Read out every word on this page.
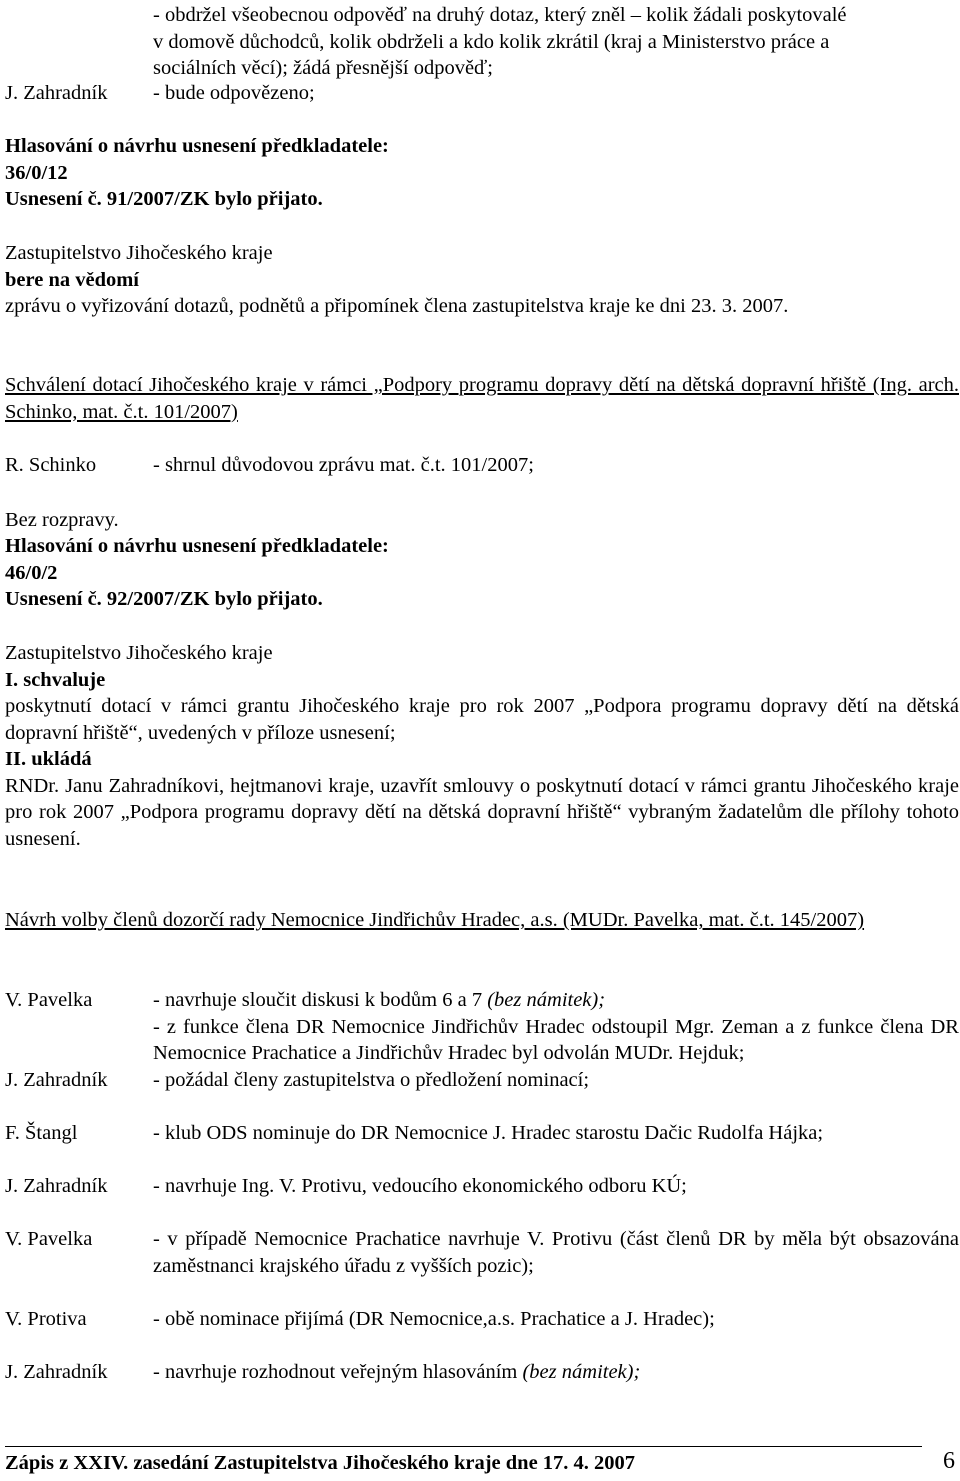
- obdržel všeobecnou odpověď na druhý dotaz, který zněl – kolik žádali poskytovalé

v domově důchodců, kolik obdrželi a kdo kolik zkrátil (kraj a Ministerstvo práce a

sociálních věcí); žádá přesnější odpověď;

J. Zahradník	- bude odpovězeno;

Hlasování o návrhu usnesení předkladatele:

36/0/12

Usnesení č. 91/2007/ZK bylo přijato.

Zastupitelstvo Jihočeského kraje

bere na vědomí

zprávu o vyřizování dotazů, podnětů a připomínek člena zastupitelstva kraje ke dni 23. 3. 2007.

Schválení dotací Jihočeského kraje v rámci „Podpory programu dopravy dětí na dětská dopravní hřiště (Ing. arch. Schinko, mat. č.t. 101/2007)

R. Schinko	- shrnul důvodovou zprávu mat. č.t. 101/2007;

Bez rozpravy.

Hlasování o návrhu usnesení předkladatele:

46/0/2

Usnesení č. 92/2007/ZK bylo přijato.

Zastupitelstvo Jihočeského kraje

I. schvaluje

poskytnutí dotací v rámci grantu Jihočeského kraje pro rok 2007 „Podpora programu dopravy dětí na dětská dopravní hřiště“, uvedených v příloze usnesení;

II. ukládá

RNDr. Janu Zahradníkovi, hejtmanovi kraje, uzavřít smlouvy o poskytnutí dotací v rámci grantu Jihočeského kraje pro rok 2007 „Podpora programu dopravy dětí na dětská dopravní hřiště“ vybraným žadatelům dle přílohy tohoto usnesení.

Návrh volby členů dozorčí rady Nemocnice Jindřichův Hradec, a.s. (MUDr. Pavelka, mat. č.t. 145/2007)

V. Pavelka	- navrhuje sloučit diskusi k bodům 6 a 7 (bez námitek);

- z funkce člena DR Nemocnice Jindřichův Hradec odstoupil Mgr. Zeman a z funkce člena DR Nemocnice Prachatice a Jindřichův Hradec byl odvolán MUDr. Hejduk;

J. Zahradník	- požádal členy zastupitelstva o předložení nominací;

F. Štangl	- klub ODS nominuje do DR Nemocnice J. Hradec starostu Dačic Rudolfa Hájka;

J. Zahradník	- navrhuje Ing. V. Protivu, vedoucího ekonomického odboru KÚ;

V. Pavelka	- v případě Nemocnice Prachatice navrhuje V. Protivu (část členů DR by měla být obsazována zaměstnanci krajského úřadu z vyšších pozic);

V. Protiva	- obě nominace přijímá (DR Nemocnice,a.s. Prachatice a J. Hradec);

J. Zahradník	- navrhuje rozhodnout veřejným hlasováním (bez námitek);

Zápis z XXIV. zasedání Zastupitelstva Jihočeského kraje dne 17. 4. 2007	6
